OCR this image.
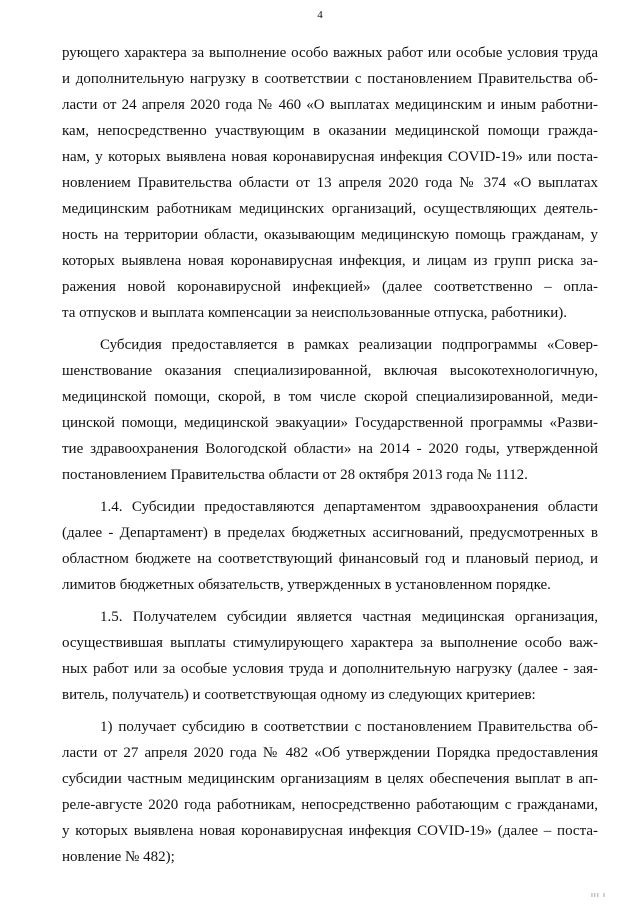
4
рующего характера за выполнение особо важных работ или особые условия труда
и дополнительную нагрузку в соответствии с постановлением Правительства об-
ласти от 24 апреля 2020 года № 460 «О выплатах медицинским и иным работни-
кам, непосредственно участвующим в оказании медицинской помощи гражда-
нам, у которых выявлена новая коронавирусная инфекция COVID-19» или поста-
новлением Правительства области от 13 апреля 2020 года № 374 «О выплатах
медицинским работникам медицинских организаций, осуществляющих деятель-
ность на территории области, оказывающим медицинскую помощь гражданам, у
которых выявлена новая коронавирусная инфекция, и лицам из групп риска за-
ражения новой коронавирусной инфекцией» (далее соответственно – опла-
та отпусков и выплата компенсации за неиспользованные отпуска, работники).
Субсидия предоставляется в рамках реализации подпрограммы «Совер-
шенствование оказания специализированной, включая высокотехнологичную,
медицинской помощи, скорой, в том числе скорой специализированной, меди-
цинской помощи, медицинской эвакуации» Государственной программы «Разви-
тие здравоохранения Вологодской области» на 2014 - 2020 годы, утвержденной
постановлением Правительства области от 28 октября 2013 года № 1112.
1.4. Субсидии предоставляются департаментом здравоохранения области
(далее - Департамент) в пределах бюджетных ассигнований, предусмотренных в
областном бюджете на соответствующий финансовый год и плановый период, и
лимитов бюджетных обязательств, утвержденных в установленном порядке.
1.5. Получателем субсидии является частная медицинская организация,
осуществившая выплаты стимулирующего характера за выполнение особо важ-
ных работ или за особые условия труда и дополнительную нагрузку (далее - зая-
витель, получатель) и соответствующая одному из следующих критериев:
1) получает субсидию в соответствии с постановлением Правительства об-
ласти от 27 апреля 2020 года № 482 «Об утверждении Порядка предоставления
субсидии частным медицинским организациям в целях обеспечения выплат в ап-
реле-августе 2020 года работникам, непосредственно работающим с гражданами,
у которых выявлена новая коронавирусная инфекция COVID-19» (далее – поста-
новление № 482);
ııı ı
